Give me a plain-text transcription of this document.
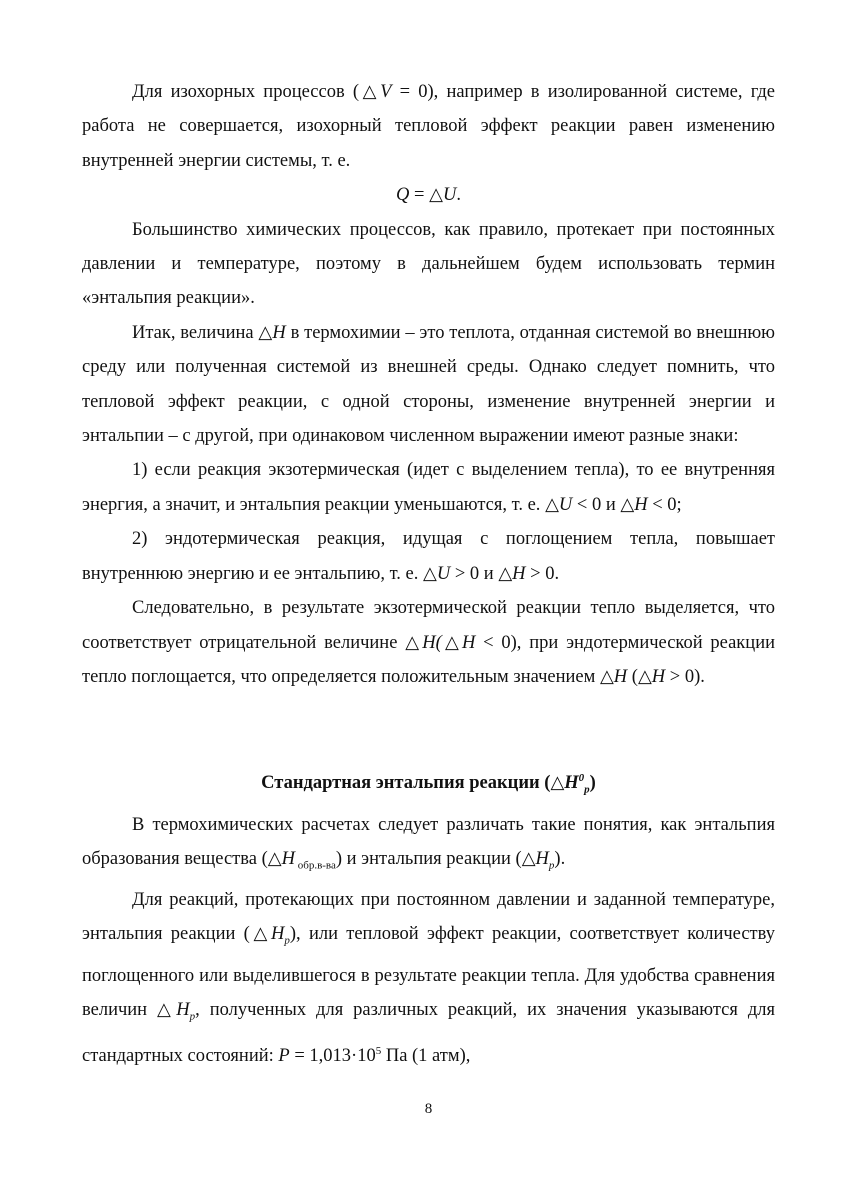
Для изохорных процессов (△V = 0), например в изолированной системе, где работа не совершается, изохорный тепловой эффект реакции равен изменению внутренней энергии системы, т. е.

Q = △U.

Большинство химических процессов, как правило, протекает при постоянных давлении и температуре, поэтому в дальнейшем будем использовать термин «энтальпия реакции».

Итак, величина △H в термохимии – это теплота, отданная системой во внешнюю среду или полученная системой из внешней среды. Однако следует помнить, что тепловой эффект реакции, с одной стороны, изменение внутренней энергии и энтальпии – с другой, при одинаковом численном выражении имеют разные знаки:

1) если реакция экзотермическая (идет с выделением тепла), то ее внутренняя энергия, а значит, и энтальпия реакции уменьшаются, т. е. △U < 0 и △H < 0;

2) эндотермическая реакция, идущая с поглощением тепла, повышает внутреннюю энергию и ее энтальпию, т. е. △U > 0 и △H > 0.

Следовательно, в результате экзотермической реакции тепло выделяется, что соответствует отрицательной величине △H(△H < 0), при эндотермической реакции тепло поглощается, что определяется положительным значением △H (△H > 0).

Стандартная энтальпия реакции $(\triangle H^0_p)$

В термохимических расчетах следует различать такие понятия, как энтальпия образования вещества (△H $_{обр.в-ва}$) и энтальпия реакции $(\triangle H_p)$.

Для реакций, протекающих при постоянном давлении и заданной температуре, энтальпия реакции $(\triangle H_p)$, или тепловой эффект реакции, соответствует количеству поглощенного или выделившегося в результате реакции тепла. Для удобства сравнения величин $\triangle H_p$, полученных для различных реакций, их значения указываются для стандартных состояний: $P = 1,013\cdot 10^5$ Па (1 атм),

8
